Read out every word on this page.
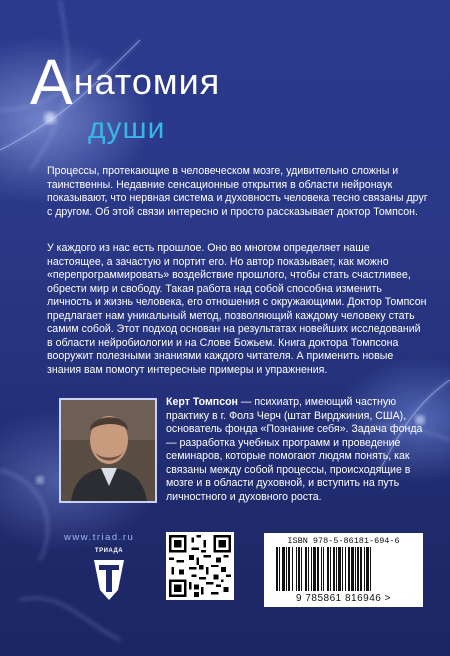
Анатомия
души
Процессы, протекающие в человеческом мозге, удивительно сложны и таинственны. Недавние сенсационные открытия в области нейронаук показывают, что нервная система и духовность человека тесно связаны друг с другом. Об этой связи интересно и просто рассказывает доктор Томпсон.
У каждого из нас есть прошлое. Оно во многом определяет наше настоящее, а зачастую и портит его. Но автор показывает, как можно «перепрограммировать» воздействие прошлого, чтобы стать счастливее, обрести мир и свободу. Такая работа над собой способна изменить личность и жизнь человека, его отношения с окружающими. Доктор Томпсон предлагает нам уникальный метод, позволяющий каждому человеку стать самим собой. Этот подход основан на результатах новейших исследований в области нейробиологии и на Слове Божьем. Книга доктора Томпсона вооружит полезными знаниями каждого читателя. А применить новые знания вам помогут интересные примеры и упражнения.
Керт Томпсон — психиатр, имеющий частную практику в г. Фолз Черч (штат Вирджиния, США), основатель фонда «Познание себя». Задача фонда — разработка учебных программ и проведение семинаров, которые помогают людям понять, как связаны между собой процессы, происходящие в мозге и в области духовной, и вступить на путь личностного и духовного роста.
www.triad.ru
ТРИАДА
ISBN 978-5-86181-694-6
9 785861 816946 >
